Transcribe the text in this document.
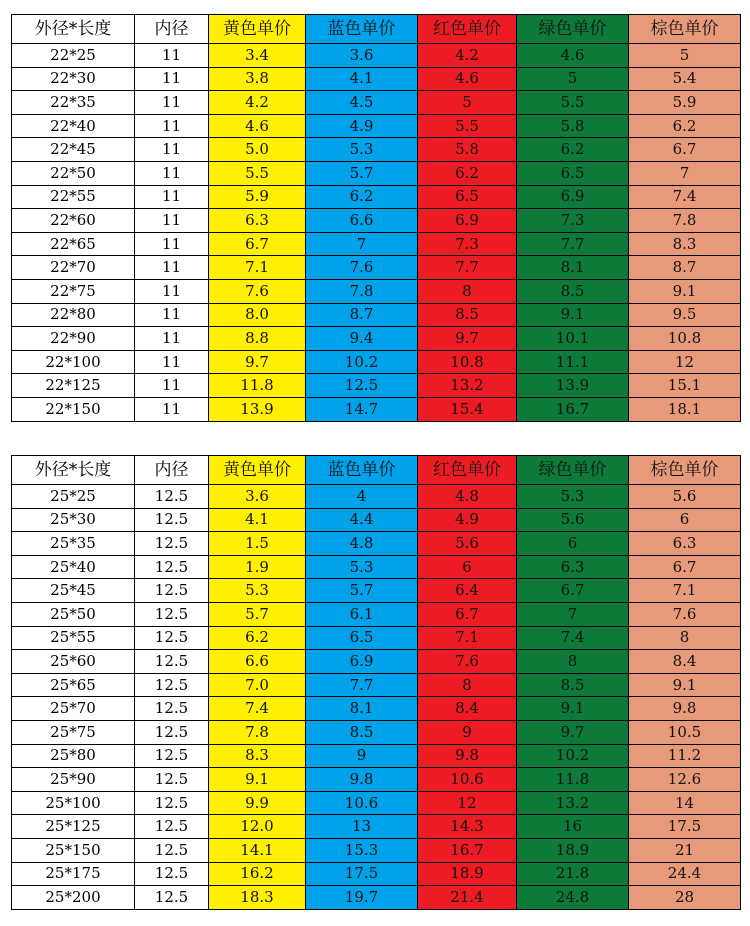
外径*长度	内径	黄色单价	蓝色单价	红色单价	绿色单价	棕色单价
22*25	11	3.4	3.6	4.2	4.6	5
22*30	11	3.8	4.1	4.6	5	5.4
22*35	11	4.2	4.5	5	5.5	5.9
22*40	11	4.6	4.9	5.5	5.8	6.2
22*45	11	5.0	5.3	5.8	6.2	6.7
22*50	11	5.5	5.7	6.2	6.5	7
22*55	11	5.9	6.2	6.5	6.9	7.4
22*60	11	6.3	6.6	6.9	7.3	7.8
22*65	11	6.7	7	7.3	7.7	8.3
22*70	11	7.1	7.6	7.7	8.1	8.7
22*75	11	7.6	7.8	8	8.5	9.1
22*80	11	8.0	8.7	8.5	9.1	9.5
22*90	11	8.8	9.4	9.7	10.1	10.8
22*100	11	9.7	10.2	10.8	11.1	12
22*125	11	11.8	12.5	13.2	13.9	15.1
22*150	11	13.9	14.7	15.4	16.7	18.1
外径*长度	内径	黄色单价	蓝色单价	红色单价	绿色单价	棕色单价
25*25	12.5	3.6	4	4.8	5.3	5.6
25*30	12.5	4.1	4.4	4.9	5.6	6
25*35	12.5	1.5	4.8	5.6	6	6.3
25*40	12.5	1.9	5.3	6	6.3	6.7
25*45	12.5	5.3	5.7	6.4	6.7	7.1
25*50	12.5	5.7	6.1	6.7	7	7.6
25*55	12.5	6.2	6.5	7.1	7.4	8
25*60	12.5	6.6	6.9	7.6	8	8.4
25*65	12.5	7.0	7.7	8	8.5	9.1
25*70	12.5	7.4	8.1	8.4	9.1	9.8
25*75	12.5	7.8	8.5	9	9.7	10.5
25*80	12.5	8.3	9	9.8	10.2	11.2
25*90	12.5	9.1	9.8	10.6	11.8	12.6
25*100	12.5	9.9	10.6	12	13.2	14
25*125	12.5	12.0	13	14.3	16	17.5
25*150	12.5	14.1	15.3	16.7	18.9	21
25*175	12.5	16.2	17.5	18.9	21.8	24.4
25*200	12.5	18.3	19.7	21.4	24.8	28
